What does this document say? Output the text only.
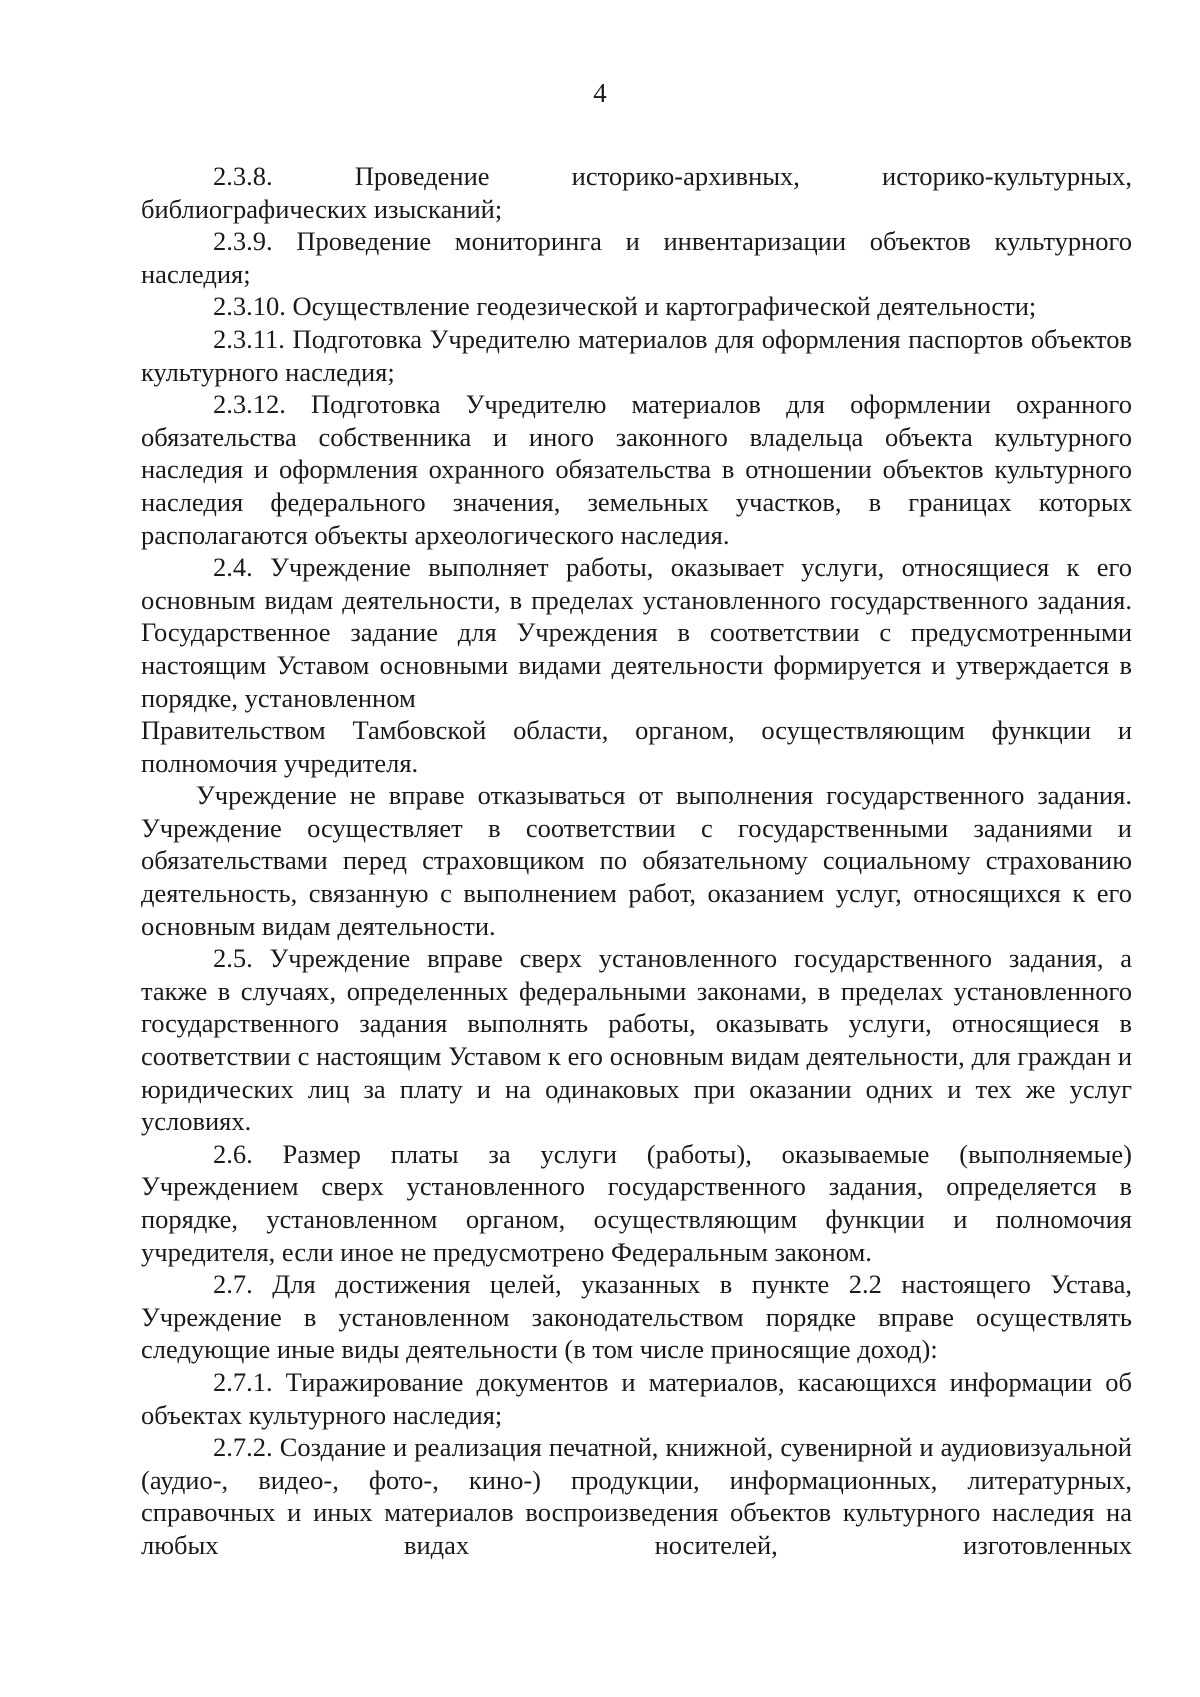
4

2.3.8. Проведение историко-архивных, историко-культурных, библиографических изысканий;

2.3.9. Проведение мониторинга и инвентаризации объектов культурного наследия;

2.3.10. Осуществление геодезической и картографической деятельности;

2.3.11. Подготовка Учредителю материалов для оформления паспортов объектов культурного наследия;

2.3.12. Подготовка Учредителю материалов для оформлении охранного обязательства собственника и иного законного владельца объекта культурного наследия и оформления охранного обязательства в отношении объектов культурного наследия федерального значения, земельных участков, в границах которых располагаются объекты археологического наследия.

2.4. Учреждение выполняет работы, оказывает услуги, относящиеся к его основным видам деятельности, в пределах установленного государственного задания. Государственное задание для Учреждения в соответствии с предусмотренными настоящим Уставом основными видами деятельности формируется и утверждается в порядке, установленном

Правительством Тамбовской области, органом, осуществляющим функции и полномочия учредителя.

Учреждение не вправе отказываться от выполнения государственного задания. Учреждение осуществляет в соответствии с государственными заданиями и обязательствами перед страховщиком по обязательному социальному страхованию деятельность, связанную с выполнением работ, оказанием услуг, относящихся к его основным видам деятельности.

2.5. Учреждение вправе сверх установленного государственного задания, а также в случаях, определенных федеральными законами, в пределах установленного государственного задания выполнять работы, оказывать услуги, относящиеся в соответствии с настоящим Уставом к его основным видам деятельности, для граждан и юридических лиц за плату и на одинаковых при оказании одних и тех же услуг условиях.

2.6. Размер платы за услуги (работы), оказываемые (выполняемые) Учреждением сверх установленного государственного задания, определяется в порядке, установленном органом, осуществляющим функции и полномочия учредителя, если иное не предусмотрено Федеральным законом.

2.7. Для достижения целей, указанных в пункте 2.2 настоящего Устава, Учреждение в установленном законодательством порядке вправе осуществлять следующие иные виды деятельности (в том числе приносящие доход):

2.7.1. Тиражирование документов и материалов, касающихся информации об объектах культурного наследия;

2.7.2. Создание и реализация печатной, книжной, сувенирной и аудиовизуальной (аудио-, видео-, фото-, кино-) продукции, информационных, литературных, справочных и иных материалов воспроизведения объектов культурного наследия на любых видах носителей, изготовленных
